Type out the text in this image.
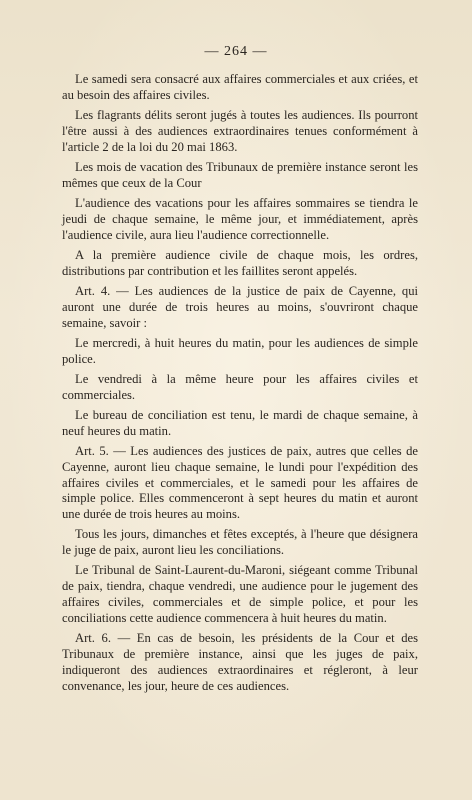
— 264 —

Le samedi sera consacré aux affaires commerciales et aux criées, et au besoin des affaires civiles.

Les flagrants délits seront jugés à toutes les audiences. Ils pourront l'être aussi à des audiences extraordinaires tenues conformément à l'article 2 de la loi du 20 mai 1863.

Les mois de vacation des Tribunaux de première instance seront les mêmes que ceux de la Cour

L'audience des vacations pour les affaires sommaires se tiendra le jeudi de chaque semaine, le même jour, et immédiatement, après l'audience civile, aura lieu l'audience correctionnelle.

A la première audience civile de chaque mois, les ordres, distributions par contribution et les faillites seront appelés.

Art. 4. — Les audiences de la justice de paix de Cayenne, qui auront une durée de trois heures au moins, s'ouvriront chaque semaine, savoir :

Le mercredi, à huit heures du matin, pour les audiences de simple police.

Le vendredi à la même heure pour les affaires civiles et commerciales.

Le bureau de conciliation est tenu, le mardi de chaque semaine, à neuf heures du matin.

Art. 5. — Les audiences des justices de paix, autres que celles de Cayenne, auront lieu chaque semaine, le lundi pour l'expédition des affaires civiles et commerciales, et le samedi pour les affaires de simple police. Elles commenceront à sept heures du matin et auront une durée de trois heures au moins.

Tous les jours, dimanches et fêtes exceptés, à l'heure que désignera le juge de paix, auront lieu les conciliations.

Le Tribunal de Saint-Laurent-du-Maroni, siégeant comme Tribunal de paix, tiendra, chaque vendredi, une audience pour le jugement des affaires civiles, commerciales et de simple police, et pour les conciliations cette audience commencera à huit heures du matin.

Art. 6. — En cas de besoin, les présidents de la Cour et des Tribunaux de première instance, ainsi que les juges de paix, indiqueront des audiences extraordinaires et régleront, à leur convenance, les jour, heure de ces audiences.
